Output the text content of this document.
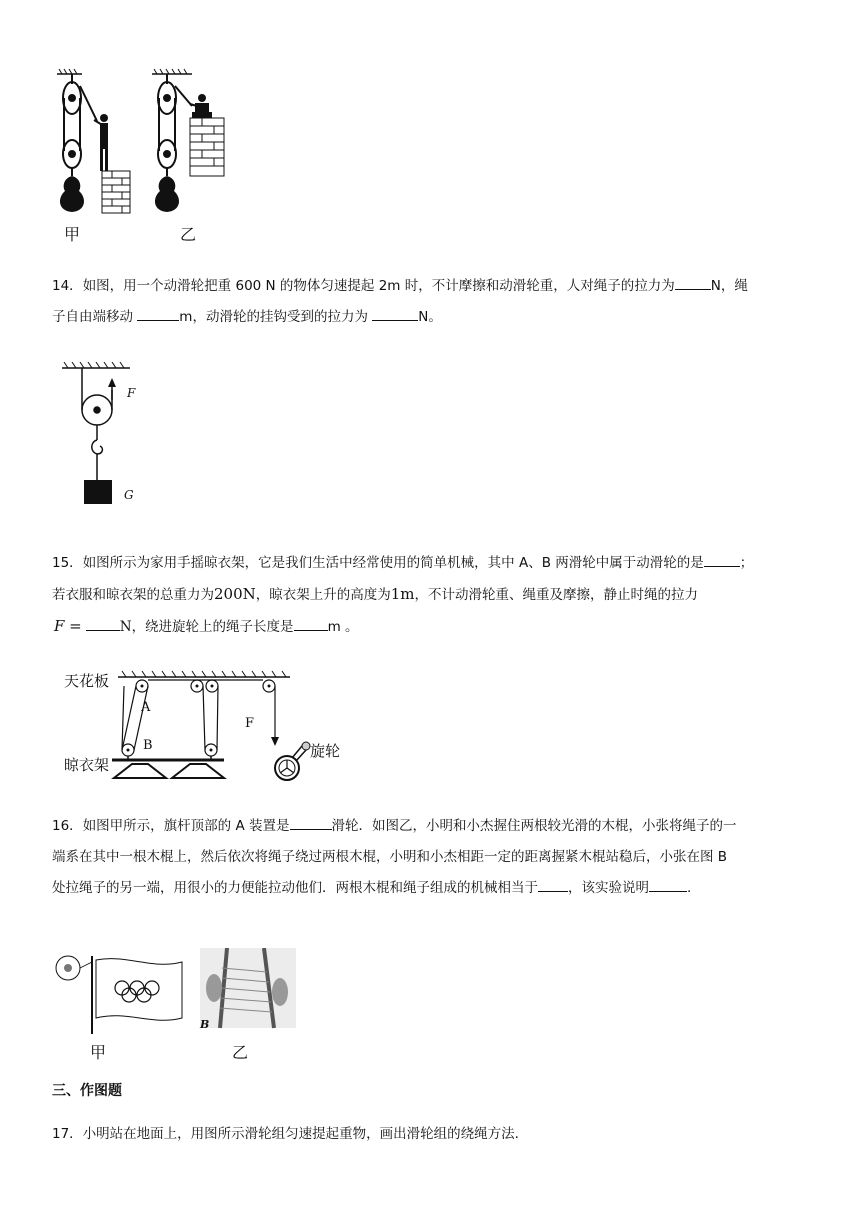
甲	乙
14．如图，用一个动滑轮把重 600 N 的物体匀速提起 2m 时，不计摩擦和动滑轮重，人对绳子的拉力为	N，绳
子自由端移动	m，动滑轮的挂钩受到的拉力为	N。
F
G
15．如图所示为家用手摇晾衣架，它是我们生活中经常使用的简单机械，其中 A、B 两滑轮中属于动滑轮的是	；
若衣服和晾衣架的总重力为200N，晾衣架上升的高度为1m，不计动滑轮重、绳重及摩擦，静止时绳的拉力
F =	N，绕进旋轮上的绳子长度是	m 。
天花板
A
B
F
晾衣架
旋轮
16．如图甲所示，旗杆顶部的 A 装置是	滑轮．如图乙，小明和小杰握住两根较光滑的木棍，小张将绳子的一
端系在其中一根木棍上，然后依次将绳子绕过两根木棍，小明和小杰相距一定的距离握紧木棍站稳后，小张在图 B
处拉绳子的另一端，用很小的力便能拉动他们．两根木棍和绳子组成的机械相当于 ，该实验说明	.
B
甲	乙
三、作图题
17．小明站在地面上，用图所示滑轮组匀速提起重物，画出滑轮组的绕绳方法.
